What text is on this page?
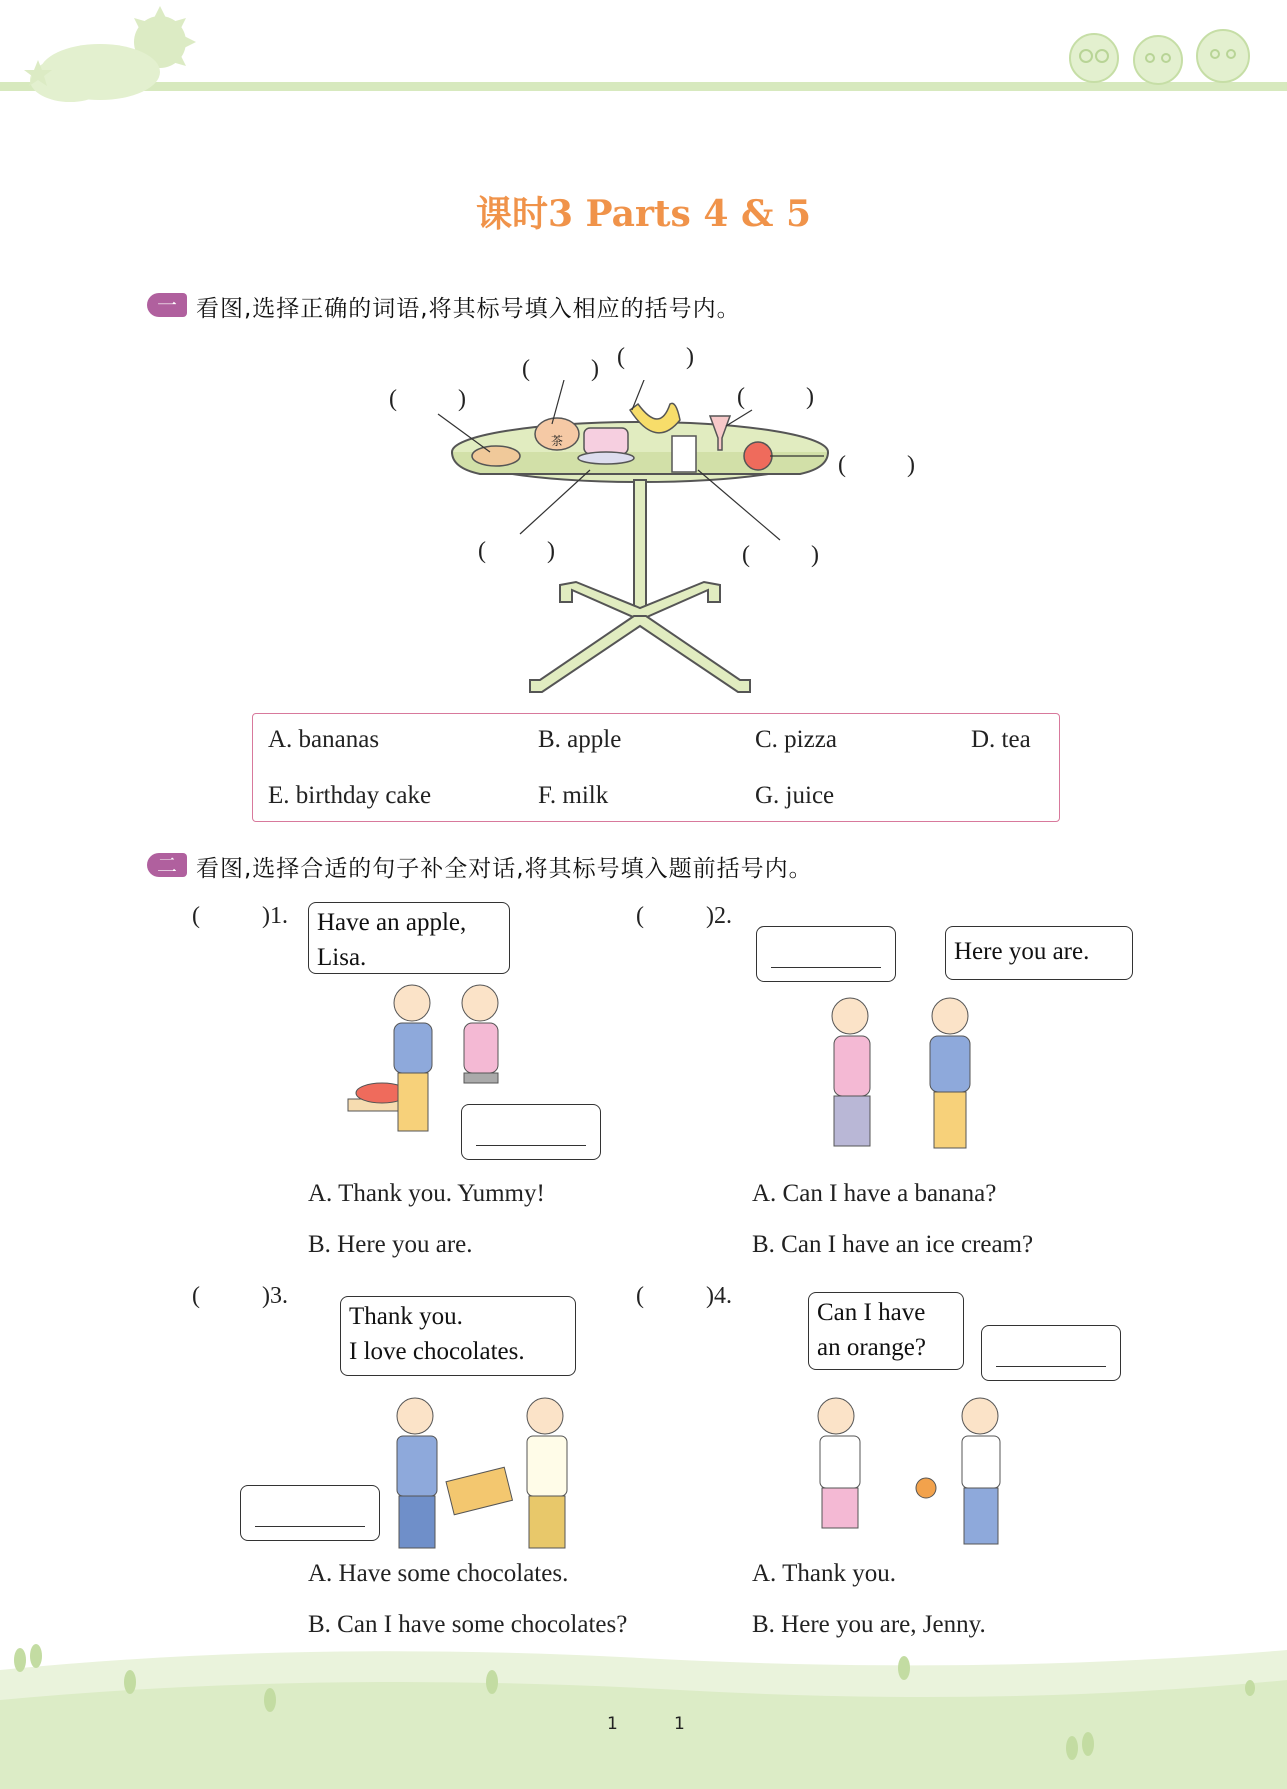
课时3 Parts 4 & 5
一 看图,选择正确的词语,将其标号填入相应的括号内。
茶
(	)
(	) (	)
(	)
(	)
(	)	(	)
A. bananas	B. apple	C. pizza	D. tea
E. birthday cake	F. milk	G. juice
二 看图,选择合适的句子补全对话,将其标号填入题前括号内。
(	)1. Have an apple,
Lisa.
A. Thank you. Yummy!
B. Here you are.
(	)2.
Here you are.
A. Can I have a banana?
B. Can I have an ice cream?
(	)3.
Thank you.
I love chocolates.
A. Have some chocolates.
B. Can I have some chocolates?
(	)4.
Can I have
an orange?
A. Thank you.
B. Here you are, Jenny.
1	1
